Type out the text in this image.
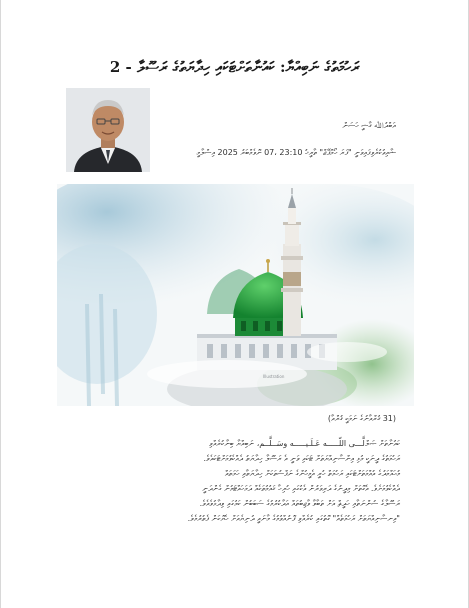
ރަހުމަތުގެ ނަބިއްޔާ: ކައުނާތަށްޓަކައި ހިދާޔަތުގެ ރަސޫލާ - 2
އަބްދުﷲ ޤާޟީ ހަސަން
ޝާއިޢުކުރެވިފައިވަނީ "ފަރަ ހޯމްޕޭޖް" ތާރީޚު 23:10 ،07 ނޮވެމްބަރު 2025 އިސްލާމީ
Illustration
(31 ޤުރްއާނުގެ ނަމަކީ ޤުރްއާ)

ކައުނާތަށް ޞަލްلَّـــى اللّـــــه عَـلَـيـــــه وسَــلَّــم، ނަބިއްޔާ ބިނާކުރެއްވި

ރަހުމަތުގެ ދީނަކީ މުޅި އިންސާނިއްޔަތަށް ޓަކައި ވަނީ އެ ރަސޫލާ ހިދާޔަތު ދެއްކެވުމަށްޓަކައެވެ.

މުޙައްމަދުގެ އުއްމަތަށްޓަކައި ރަހުމަތް ހުރީ އެމީހުންގެ ނަފްސުތަކަށް ހިދާޔަތާއި ހަމަތައް

ދެއްކެވުމަށެވެ. އެގޮތަށް މިދީނުގެ ދަރިވަރުން އެކުގައި ހުރިހާ ޤައުމުތަކެއް ދަމަހައްޓަމުން ގެންދަނީ

ރަސޫލާގެ ސުންނަތާއި ހަދީޘް އަށް ތަބާވާ ވާޖިބުތައް އަދާކުރުމުގެ ސަބަބުން ކަމުގައި ވިދާޅުވެއެވެ.

"އިނސާނިއްޔަތަށް ރަހުމަތެއް" ގޮތުގައި ކުރެއްވި ފޮނުއްވުމުގެ މާނައީ ދުނިޔެއަށް ހެޔޮކަން ފެތުރުމެވެ.
